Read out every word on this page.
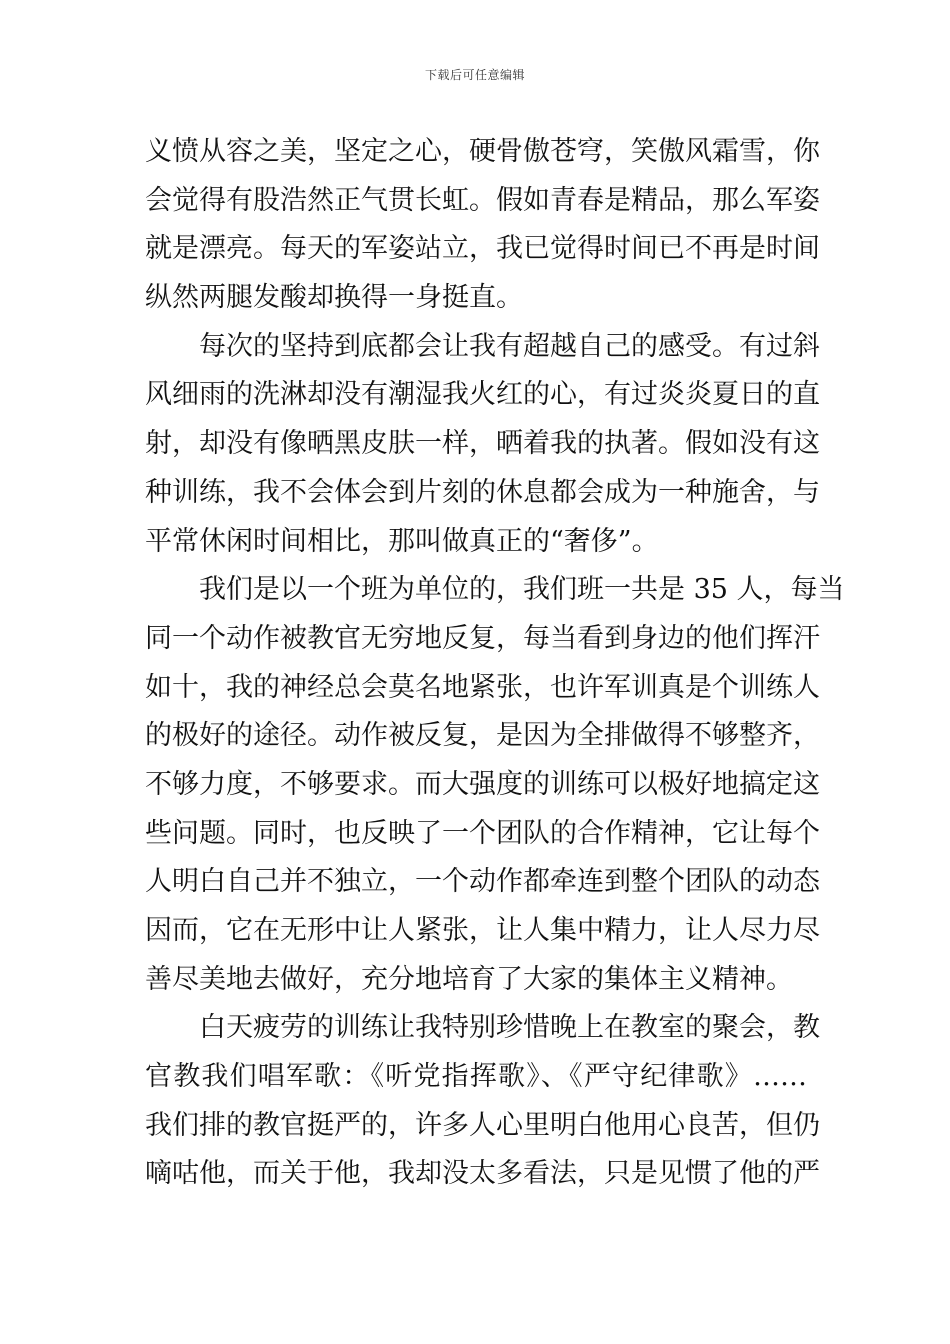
下载后可任意编辑
义愤从容之美，坚定之心，硬骨傲苍穹，笑傲风霜雪，你
会觉得有股浩然正气贯长虹。假如青春是精品，那么军姿
就是漂亮。每天的军姿站立，我已觉得时间已不再是时间
纵然两腿发酸却换得一身挺直。
每次的坚持到底都会让我有超越自己的感受。有过斜
风细雨的洗淋却没有潮湿我火红的心，有过炎炎夏日的直
射，却没有像晒黑皮肤一样，晒着我的执著。假如没有这
种训练，我不会体会到片刻的休息都会成为一种施舍，与
平常休闲时间相比，那叫做真正的“奢侈”。
我们是以一个班为单位的，我们班一共是 35 人，每当
同一个动作被教官无穷地反复，每当看到身边的他们挥汗
如十，我的神经总会莫名地紧张，也许军训真是个训练人
的极好的途径。动作被反复，是因为全排做得不够整齐，
不够力度，不够要求。而大强度的训练可以极好地搞定这
些问题。同时，也反映了一个团队的合作精神，它让每个
人明白自己并不独立，一个动作都牵连到整个团队的动态
因而，它在无形中让人紧张，让人集中精力，让人尽力尽
善尽美地去做好，充分地培育了大家的集体主义精神。
白天疲劳的训练让我特别珍惜晚上在教室的聚会，教
官教我们唱军歌：《听党指挥歌》、《严守纪律歌》……
我们排的教官挺严的，许多人心里明白他用心良苦，但仍
嘀咕他，而关于他，我却没太多看法，只是见惯了他的严
